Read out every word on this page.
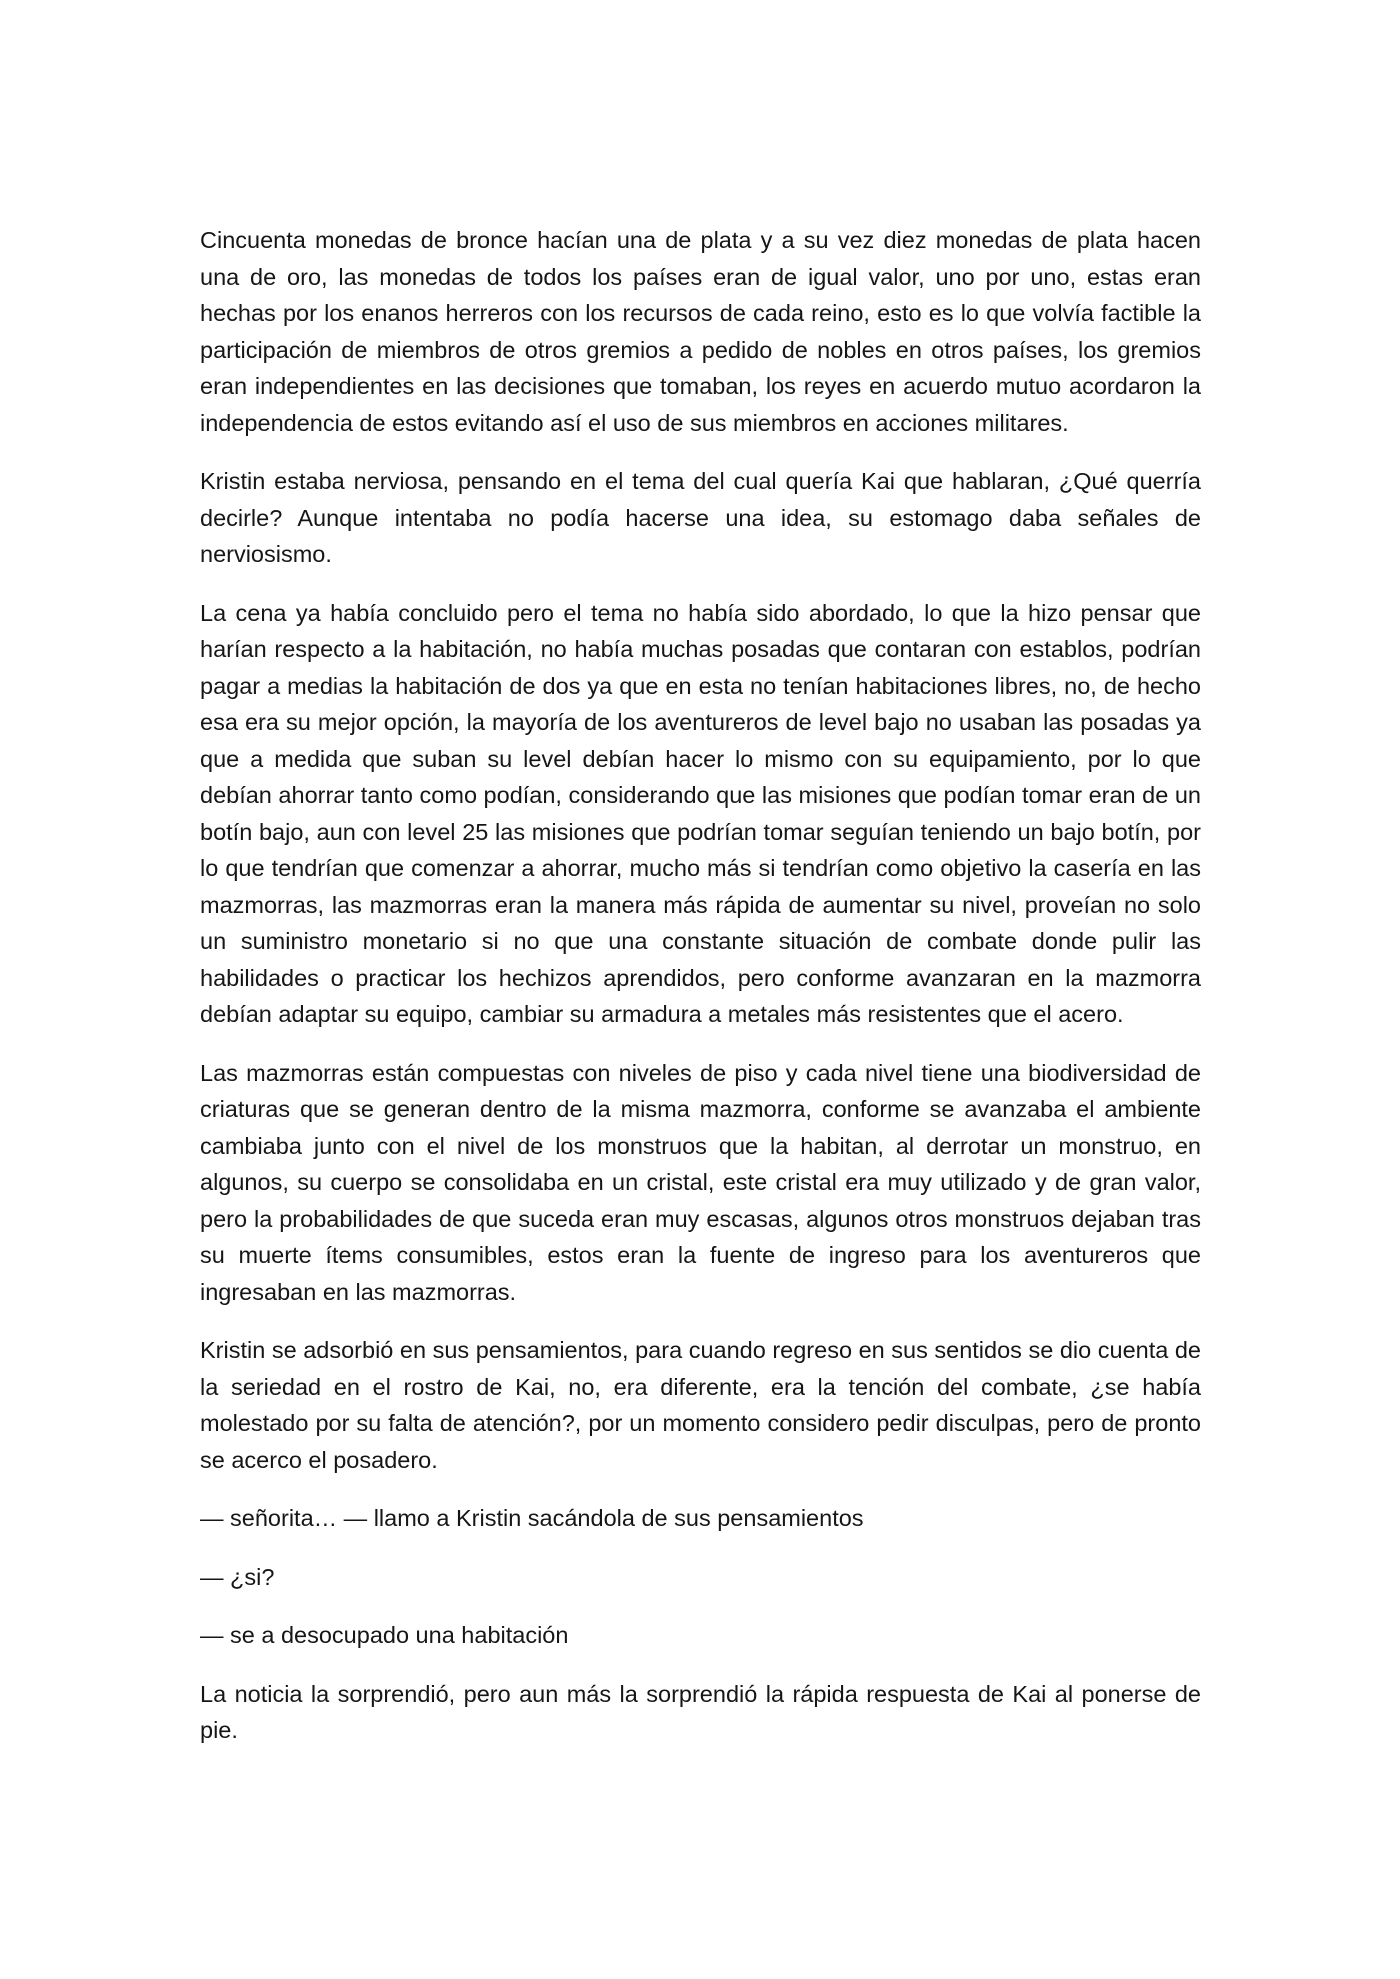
Cincuenta monedas de bronce hacían una de plata y a su vez diez monedas de plata hacen una de oro, las monedas de todos los países eran de igual valor, uno por uno, estas eran hechas por los enanos herreros con los recursos de cada reino, esto es lo que volvía factible la participación de miembros de otros gremios a pedido de nobles en otros países, los gremios eran independientes en las decisiones que tomaban, los reyes en acuerdo mutuo acordaron la independencia de estos evitando así el uso de sus miembros en acciones militares.

Kristin estaba nerviosa, pensando en el tema del cual quería Kai que hablaran, ¿Qué querría decirle? Aunque intentaba no podía hacerse una idea, su estomago daba señales de nerviosismo.

La cena ya había concluido pero el tema no había sido abordado, lo que la hizo pensar que harían respecto a la habitación, no había muchas posadas que contaran con establos, podrían pagar a medias la habitación de dos ya que en esta no tenían habitaciones libres, no, de hecho esa era su mejor opción, la mayoría de los aventureros de level bajo no usaban las posadas ya que a medida que suban su level debían hacer lo mismo con su equipamiento, por lo que debían ahorrar tanto como podían, considerando que las misiones que podían tomar eran de un botín bajo, aun con level 25 las misiones que podrían tomar seguían teniendo un bajo botín, por lo que tendrían que comenzar a ahorrar, mucho más si tendrían como objetivo la casería en las mazmorras, las mazmorras eran la manera más rápida de aumentar su nivel, proveían no solo un suministro monetario si no que una constante situación de combate donde pulir las habilidades o practicar los hechizos aprendidos, pero conforme avanzaran en la mazmorra debían adaptar su equipo, cambiar su armadura a metales más resistentes que el acero.

Las mazmorras están compuestas con niveles de piso y cada nivel tiene una biodiversidad de criaturas que se generan dentro de la misma mazmorra, conforme se avanzaba el ambiente cambiaba junto con el nivel de los monstruos que la habitan, al derrotar un monstruo, en algunos, su cuerpo se consolidaba en un cristal, este cristal era muy utilizado y de gran valor, pero la probabilidades de que suceda eran muy escasas, algunos otros monstruos dejaban tras su muerte ítems consumibles, estos eran la fuente de ingreso para los aventureros que ingresaban en las mazmorras.

Kristin se adsorbió en sus pensamientos, para cuando regreso en sus sentidos se dio cuenta de la seriedad en el rostro de Kai, no, era diferente, era la tención del combate, ¿se había molestado por su falta de atención?, por un momento considero pedir disculpas, pero de pronto se acerco el posadero.

— señorita… — llamo a Kristin sacándola de sus pensamientos

— ¿si?

— se a desocupado una habitación

La noticia la sorprendió, pero aun más la sorprendió la rápida respuesta de Kai al ponerse de pie.
